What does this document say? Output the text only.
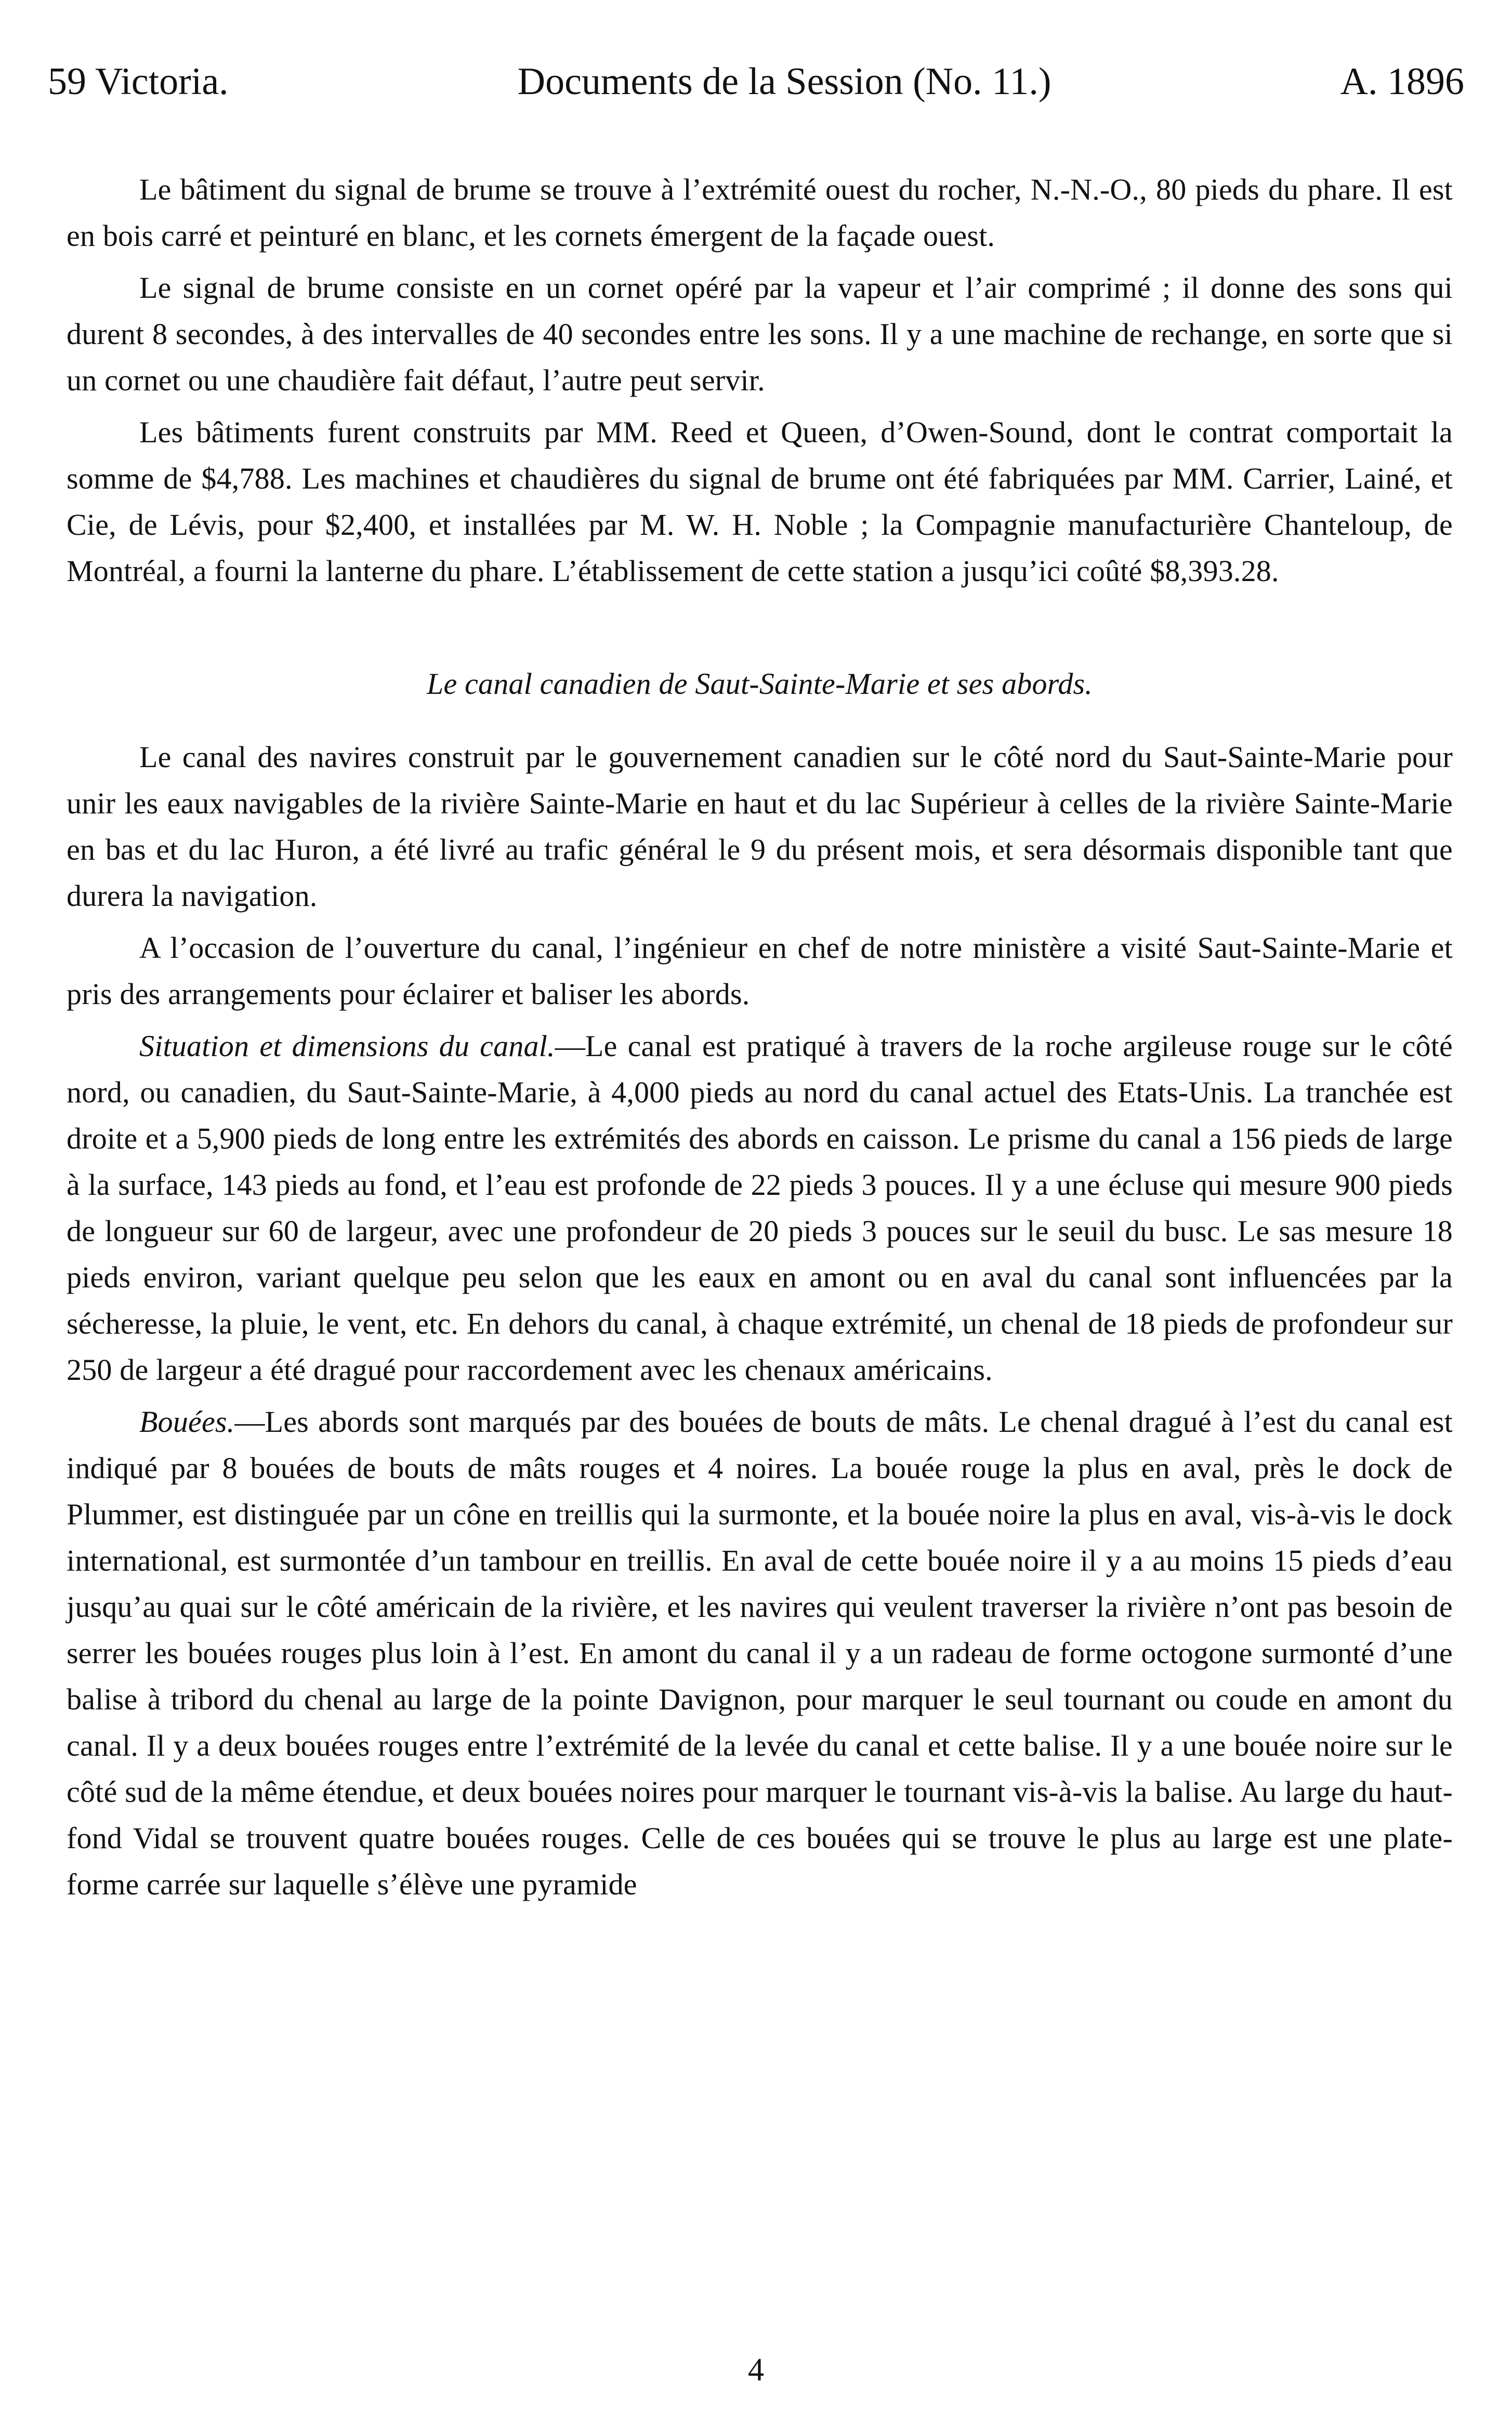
59 Victoria.	Documents de la Session (No. 11.)	A. 1896

Le bâtiment du signal de brume se trouve à l’extrémité ouest du rocher, N.-N.-O., 80 pieds du phare. Il est en bois carré et peinturé en blanc, et les cornets émergent de la façade ouest.

Le signal de brume consiste en un cornet opéré par la vapeur et l’air comprimé ; il donne des sons qui durent 8 secondes, à des intervalles de 40 secondes entre les sons. Il y a une machine de rechange, en sorte que si un cornet ou une chaudière fait défaut, l’autre peut servir.

Les bâtiments furent construits par MM. Reed et Queen, d’Owen-Sound, dont le contrat comportait la somme de $4,788. Les machines et chaudières du signal de brume ont été fabriquées par MM. Carrier, Lainé, et Cie, de Lévis, pour $2,400, et installées par M. W. H. Noble ; la Compagnie manufacturière Chanteloup, de Montréal, a fourni la lanterne du phare. L’établissement de cette station a jusqu’ici coûté $8,393.28.

Le canal canadien de Saut-Sainte-Marie et ses abords.

Le canal des navires construit par le gouvernement canadien sur le côté nord du Saut-Sainte-Marie pour unir les eaux navigables de la rivière Sainte-Marie en haut et du lac Supérieur à celles de la rivière Sainte-Marie en bas et du lac Huron, a été livré au trafic général le 9 du présent mois, et sera désormais disponible tant que durera la navigation.

A l’occasion de l’ouverture du canal, l’ingénieur en chef de notre ministère a visité Saut-Sainte-Marie et pris des arrangements pour éclairer et baliser les abords.

Situation et dimensions du canal.—Le canal est pratiqué à travers de la roche argileuse rouge sur le côté nord, ou canadien, du Saut-Sainte-Marie, à 4,000 pieds au nord du canal actuel des Etats-Unis. La tranchée est droite et a 5,900 pieds de long entre les extrémités des abords en caisson. Le prisme du canal a 156 pieds de large à la surface, 143 pieds au fond, et l’eau est profonde de 22 pieds 3 pouces. Il y a une écluse qui mesure 900 pieds de longueur sur 60 de largeur, avec une profondeur de 20 pieds 3 pouces sur le seuil du busc. Le sas mesure 18 pieds environ, variant quelque peu selon que les eaux en amont ou en aval du canal sont influencées par la sécheresse, la pluie, le vent, etc. En dehors du canal, à chaque extrémité, un chenal de 18 pieds de profondeur sur 250 de largeur a été dragué pour raccordement avec les chenaux américains.

Bouées.—Les abords sont marqués par des bouées de bouts de mâts. Le chenal dragué à l’est du canal est indiqué par 8 bouées de bouts de mâts rouges et 4 noires. La bouée rouge la plus en aval, près le dock de Plummer, est distinguée par un cône en treillis qui la surmonte, et la bouée noire la plus en aval, vis-à-vis le dock international, est surmontée d’un tambour en treillis. En aval de cette bouée noire il y a au moins 15 pieds d’eau jusqu’au quai sur le côté américain de la rivière, et les navires qui veulent traverser la rivière n’ont pas besoin de serrer les bouées rouges plus loin à l’est. En amont du canal il y a un radeau de forme octogone surmonté d’une balise à tribord du chenal au large de la pointe Davignon, pour marquer le seul tournant ou coude en amont du canal. Il y a deux bouées rouges entre l’extrémité de la levée du canal et cette balise. Il y a une bouée noire sur le côté sud de la même étendue, et deux bouées noires pour marquer le tournant vis-à-vis la balise. Au large du haut-fond Vidal se trouvent quatre bouées rouges. Celle de ces bouées qui se trouve le plus au large est une plate-forme carrée sur laquelle s’élève une pyramide

4
